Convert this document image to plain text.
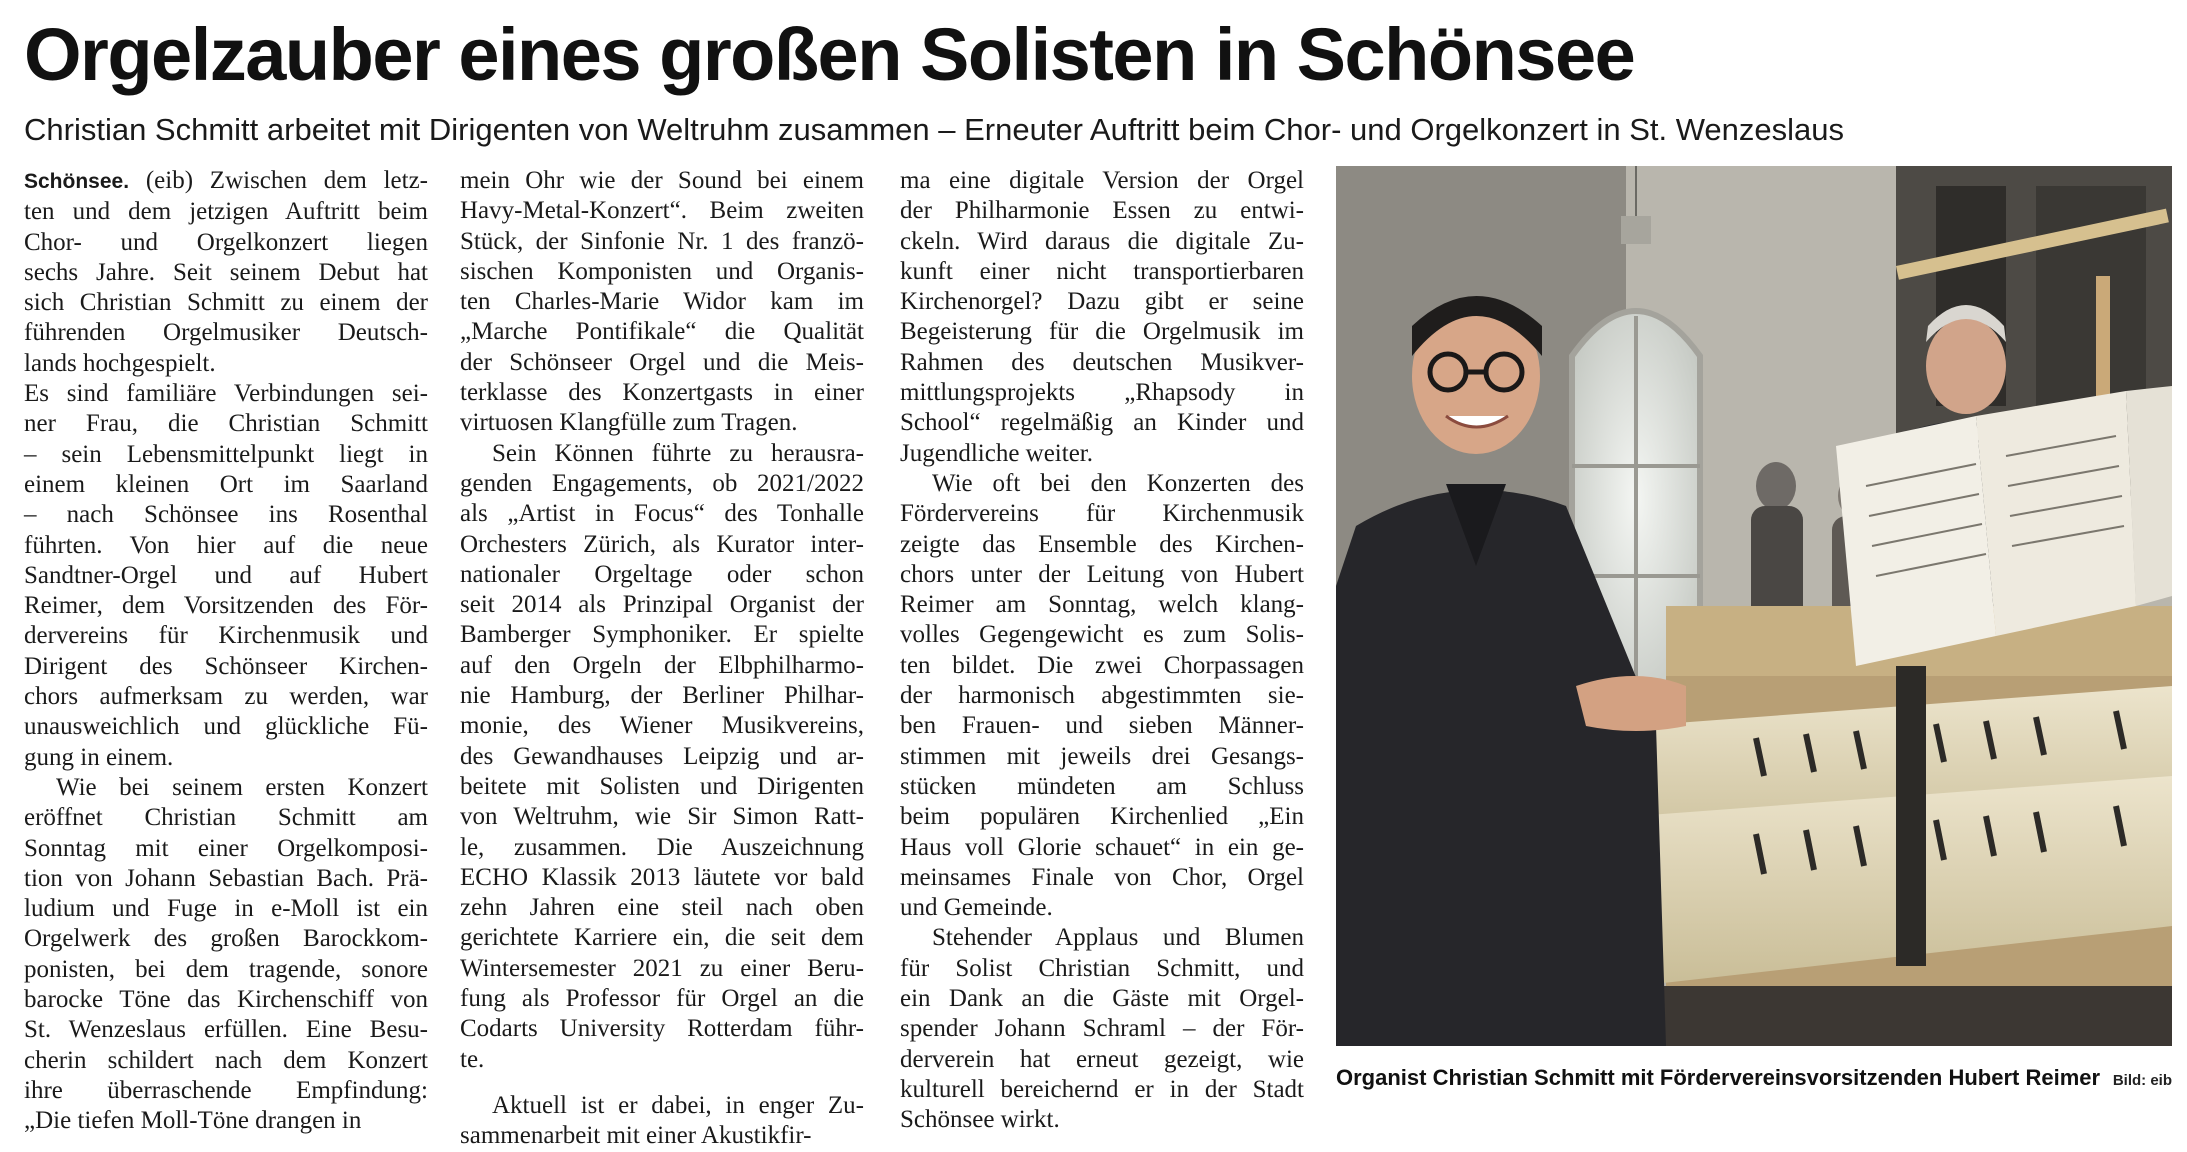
Orgelzauber eines großen Solisten in Schönsee
Christian Schmitt arbeitet mit Dirigenten von Weltruhm zusammen – Erneuter Auftritt beim Chor- und Orgelkonzert in St. Wenzeslaus

Schönsee. (eib) Zwischen dem letz-

ten und dem jetzigen Auftritt beim

Chor- und Orgelkonzert liegen

sechs Jahre. Seit seinem Debut hat

sich Christian Schmitt zu einem der

führenden Orgelmusiker Deutsch-

lands hochgespielt.

Es sind familiäre Verbindungen sei-

ner Frau, die Christian Schmitt

– sein Lebensmittelpunkt liegt in

einem kleinen Ort im Saarland

– nach Schönsee ins Rosenthal

führten. Von hier auf die neue

Sandtner-Orgel und auf Hubert

Reimer, dem Vorsitzenden des För-

dervereins für Kirchenmusik und

Dirigent des Schönseer Kirchen-

chors aufmerksam zu werden, war

unausweichlich und glückliche Fü-

gung in einem.

Wie bei seinem ersten Konzert

eröffnet Christian Schmitt am

Sonntag mit einer Orgelkomposi-

tion von Johann Sebastian Bach. Prä-

ludium und Fuge in e-Moll ist ein

Orgelwerk des großen Barockkom-

ponisten, bei dem tragende, sonore

barocke Töne das Kirchenschiff von

St. Wenzeslaus erfüllen. Eine Besu-

cherin schildert nach dem Konzert

ihre überraschende Empfindung:

„Die tiefen Moll-Töne drangen in

mein Ohr wie der Sound bei einem

Havy-Metal-Konzert“. Beim zweiten

Stück, der Sinfonie Nr. 1 des franzö-

sischen Komponisten und Organis-

ten Charles-Marie Widor kam im

„Marche Pontifikale“ die Qualität

der Schönseer Orgel und die Meis-

terklasse des Konzertgasts in einer

virtuosen Klangfülle zum Tragen.

Sein Können führte zu herausra-

genden Engagements, ob 2021/2022

als „Artist in Focus“ des Tonhalle

Orchesters Zürich, als Kurator inter-

nationaler Orgeltage oder schon

seit 2014 als Prinzipal Organist der

Bamberger Symphoniker. Er spielte

auf den Orgeln der Elbphilharmo-

nie Hamburg, der Berliner Philhar-

monie, des Wiener Musikvereins,

des Gewandhauses Leipzig und ar-

beitete mit Solisten und Dirigenten

von Weltruhm, wie Sir Simon Ratt-

le, zusammen. Die Auszeichnung

ECHO Klassik 2013 läutete vor bald

zehn Jahren eine steil nach oben

gerichtete Karriere ein, die seit dem

Wintersemester 2021 zu einer Beru-

fung als Professor für Orgel an die

Codarts University Rotterdam führ-

te.

Aktuell ist er dabei, in enger Zu-

sammenarbeit mit einer Akustikfir-

ma eine digitale Version der Orgel

der Philharmonie Essen zu entwi-

ckeln. Wird daraus die digitale Zu-

kunft einer nicht transportierbaren

Kirchenorgel? Dazu gibt er seine

Begeisterung für die Orgelmusik im

Rahmen des deutschen Musikver-

mittlungsprojekts „Rhapsody in

School“ regelmäßig an Kinder und

Jugendliche weiter.

Wie oft bei den Konzerten des

Fördervereins für Kirchenmusik

zeigte das Ensemble des Kirchen-

chors unter der Leitung von Hubert

Reimer am Sonntag, welch klang-

volles Gegengewicht es zum Solis-

ten bildet. Die zwei Chorpassagen

der harmonisch abgestimmten sie-

ben Frauen- und sieben Männer-

stimmen mit jeweils drei Gesangs-

stücken mündeten am Schluss

beim populären Kirchenlied „Ein

Haus voll Glorie schauet“ in ein ge-

meinsames Finale von Chor, Orgel

und Gemeinde.

Stehender Applaus und Blumen

für Solist Christian Schmitt, und

ein Dank an die Gäste mit Orgel-

spender Johann Schraml – der För-

derverein hat erneut gezeigt, wie

kulturell bereichernd er in der Stadt

Schönsee wirkt.

Organist Christian Schmitt mit Fördervereinsvorsitzenden Hubert Reimer Bild: eib
